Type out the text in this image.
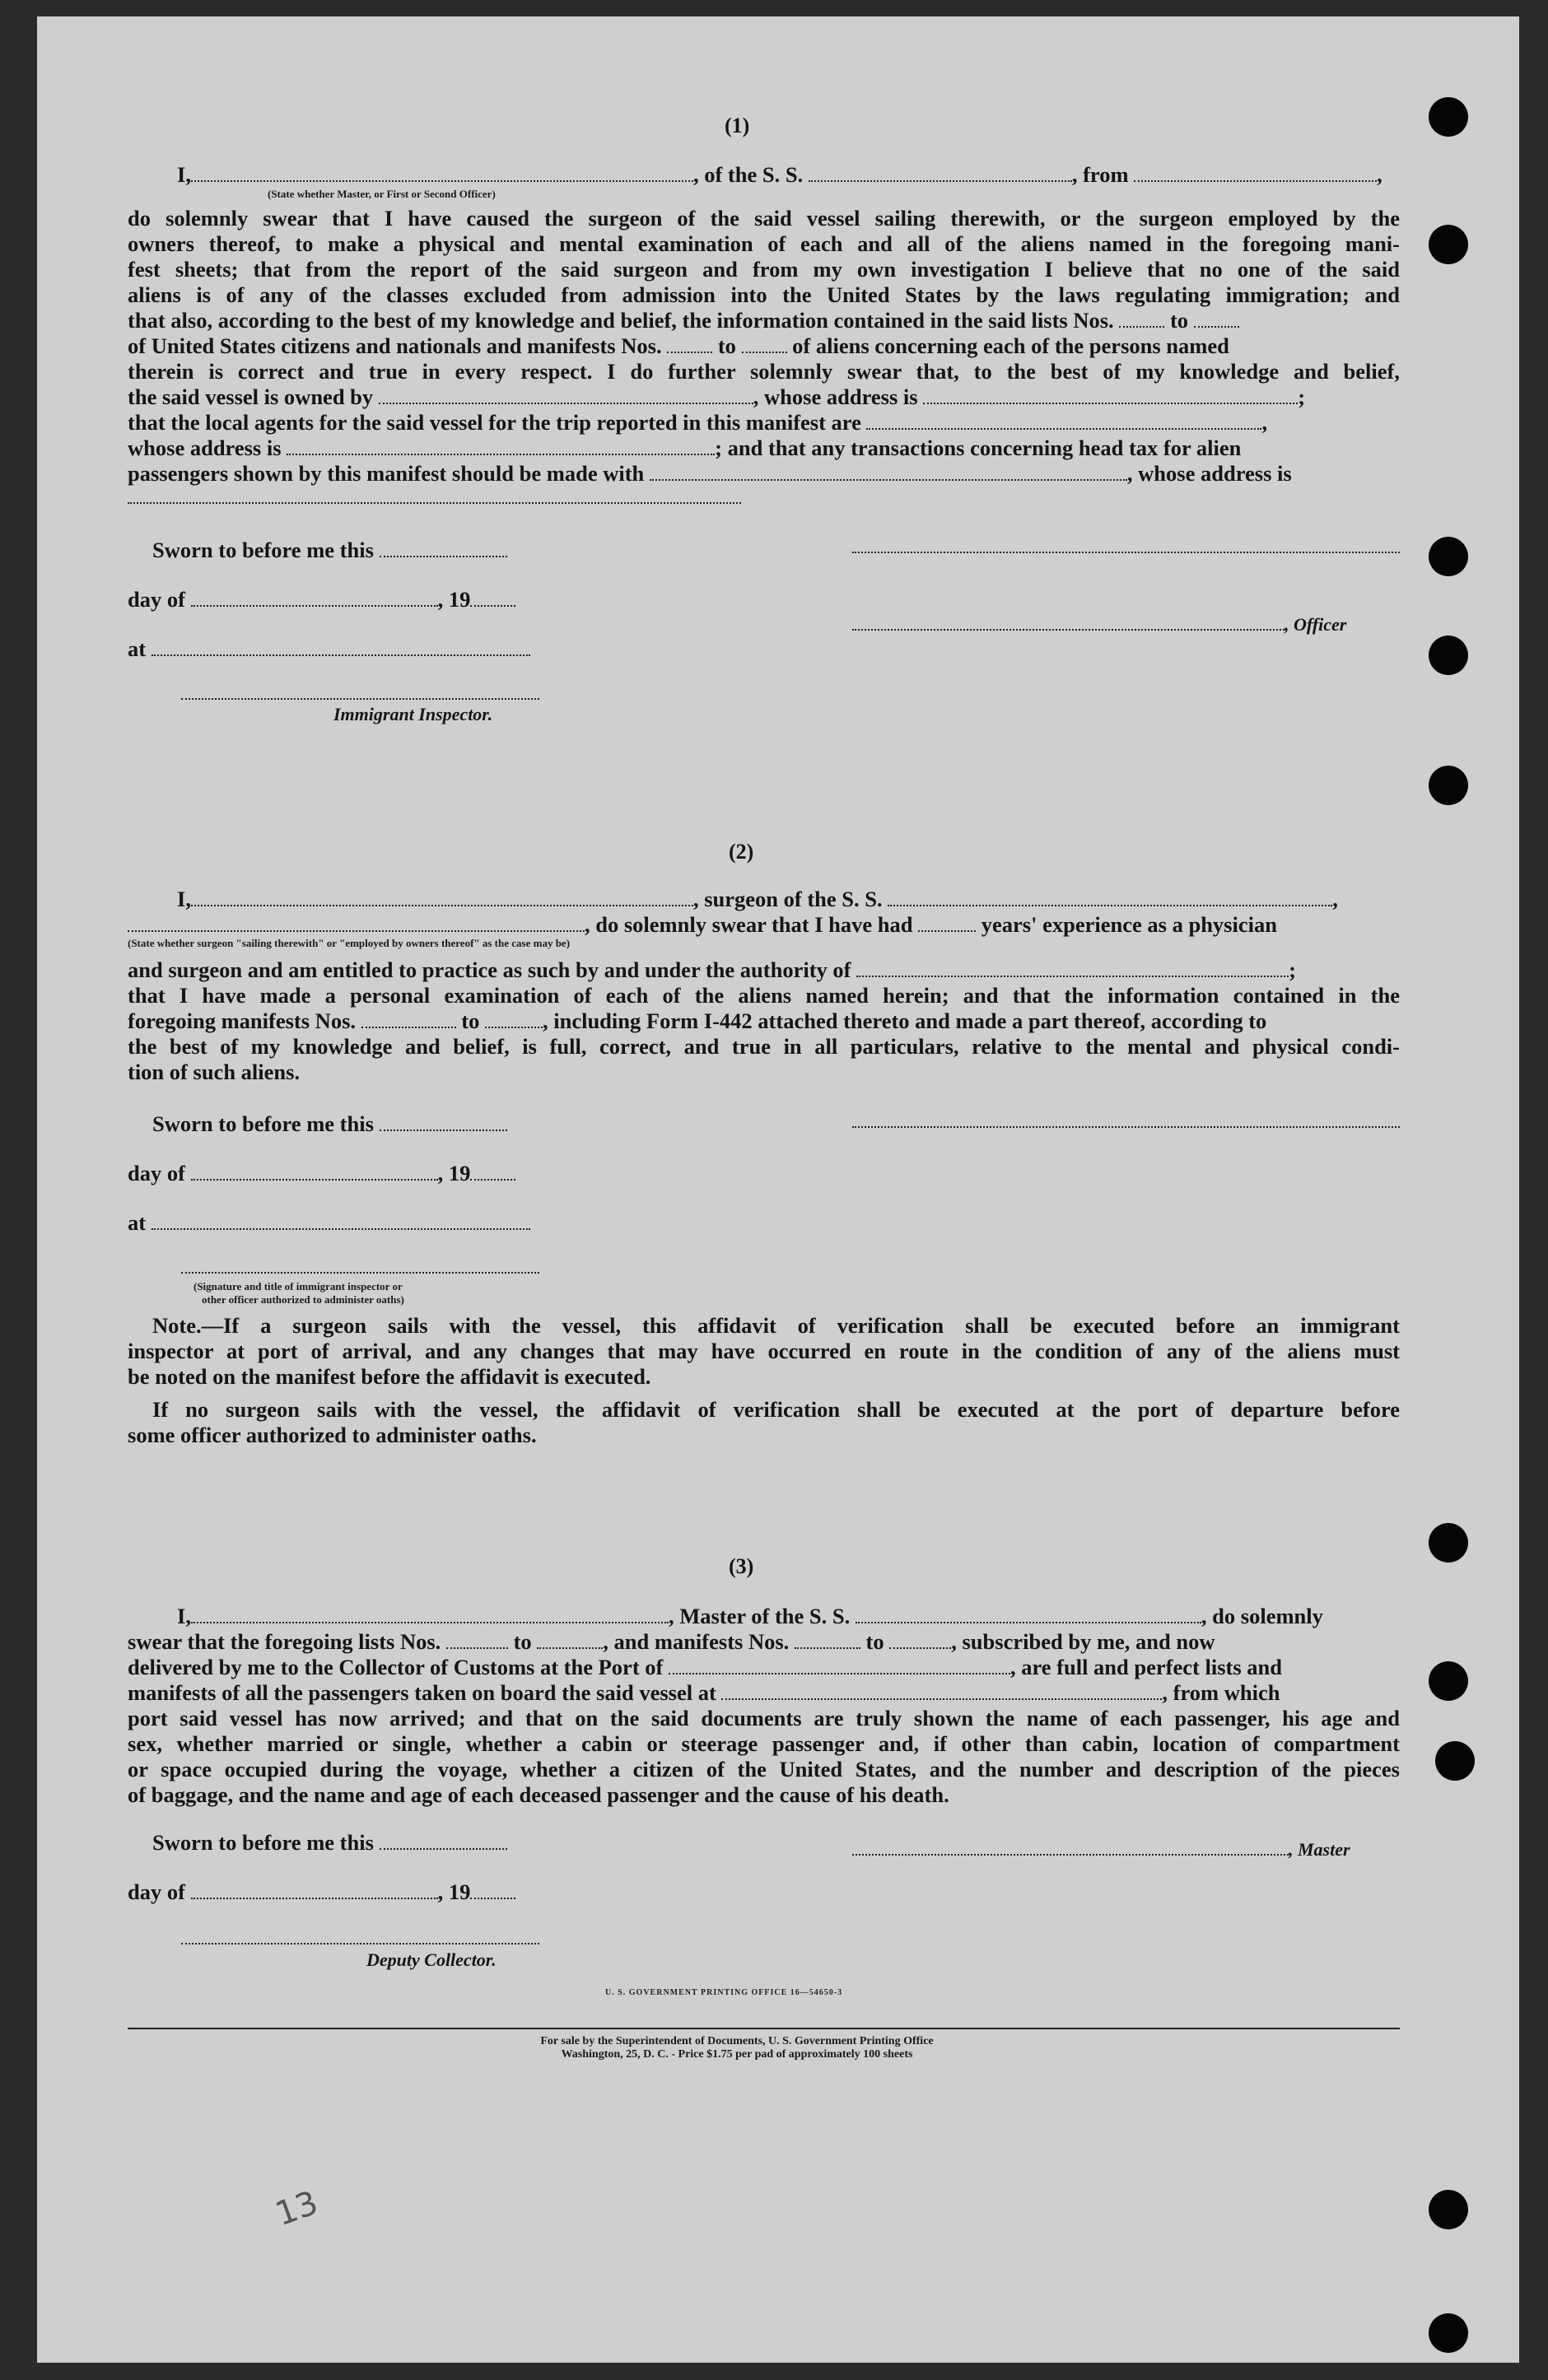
(1)
I,	, of the S. S.	, from	,
(State whether Master, or First or Second Officer)
do solemnly swear that I have caused the surgeon of the said vessel sailing therewith, or the surgeon employed by the
owners thereof, to make a physical and mental examination of each and all of the aliens named in the foregoing mani-
fest sheets; that from the report of the said surgeon and from my own investigation I believe that no one of the said
aliens is of any of the classes excluded from admission into the United States by the laws regulating immigration; and
that also, according to the best of my knowledge and belief, the information contained in the said lists Nos.	to
of United States citizens and nationals and manifests Nos.	to	of aliens concerning each of the persons named
therein is correct and true in every respect. I do further solemnly swear that, to the best of my knowledge and belief,
the said vessel is owned by	, whose address is	;
that the local agents for the said vessel for the trip reported in this manifest are	,
whose address is	; and that any transactions concerning head tax for alien
passengers shown by this manifest should be made with	, whose address is
Sworn to before me this
day of	, 19
, Officer
at
Immigrant Inspector.
(2)
I,	, surgeon of the S. S.	,
, do solemnly swear that I have had	years' experience as a physician
(State whether surgeon "sailing therewith" or "employed by owners thereof" as the case may be)
and surgeon and am entitled to practice as such by and under the authority of	;
that I have made a personal examination of each of the aliens named herein; and that the information contained in the
foregoing manifests Nos.	to	, including Form I-442 attached thereto and made a part thereof, according to
the best of my knowledge and belief, is full, correct, and true in all particulars, relative to the mental and physical condi-
tion of such aliens.
Sworn to before me this
day of	, 19
at
(Signature and title of immigrant inspector or
other officer authorized to administer oaths)
Note.—If a surgeon sails with the vessel, this affidavit of verification shall be executed before an immigrant
inspector at port of arrival, and any changes that may have occurred en route in the condition of any of the aliens must
be noted on the manifest before the affidavit is executed.
If no surgeon sails with the vessel, the affidavit of verification shall be executed at the port of departure before
some officer authorized to administer oaths.
(3)
I,	, Master of the S. S.	, do solemnly
swear that the foregoing lists Nos.	to	, and manifests Nos.	to	, subscribed by me, and now
delivered by me to the Collector of Customs at the Port of	, are full and perfect lists and
manifests of all the passengers taken on board the said vessel at	, from which
port said vessel has now arrived; and that on the said documents are truly shown the name of each passenger, his age and
sex, whether married or single, whether a cabin or steerage passenger and, if other than cabin, location of compartment
or space occupied during the voyage, whether a citizen of the United States, and the number and description of the pieces
of baggage, and the name and age of each deceased passenger and the cause of his death.
Sworn to before me this	, Master
day of	, 19
Deputy Collector.
U. S. GOVERNMENT PRINTING OFFICE 16—54650-3
For sale by the Superintendent of Documents, U. S. Government Printing Office
Washington, 25, D. C. - Price $1.75 per pad of approximately 100 sheets
13
